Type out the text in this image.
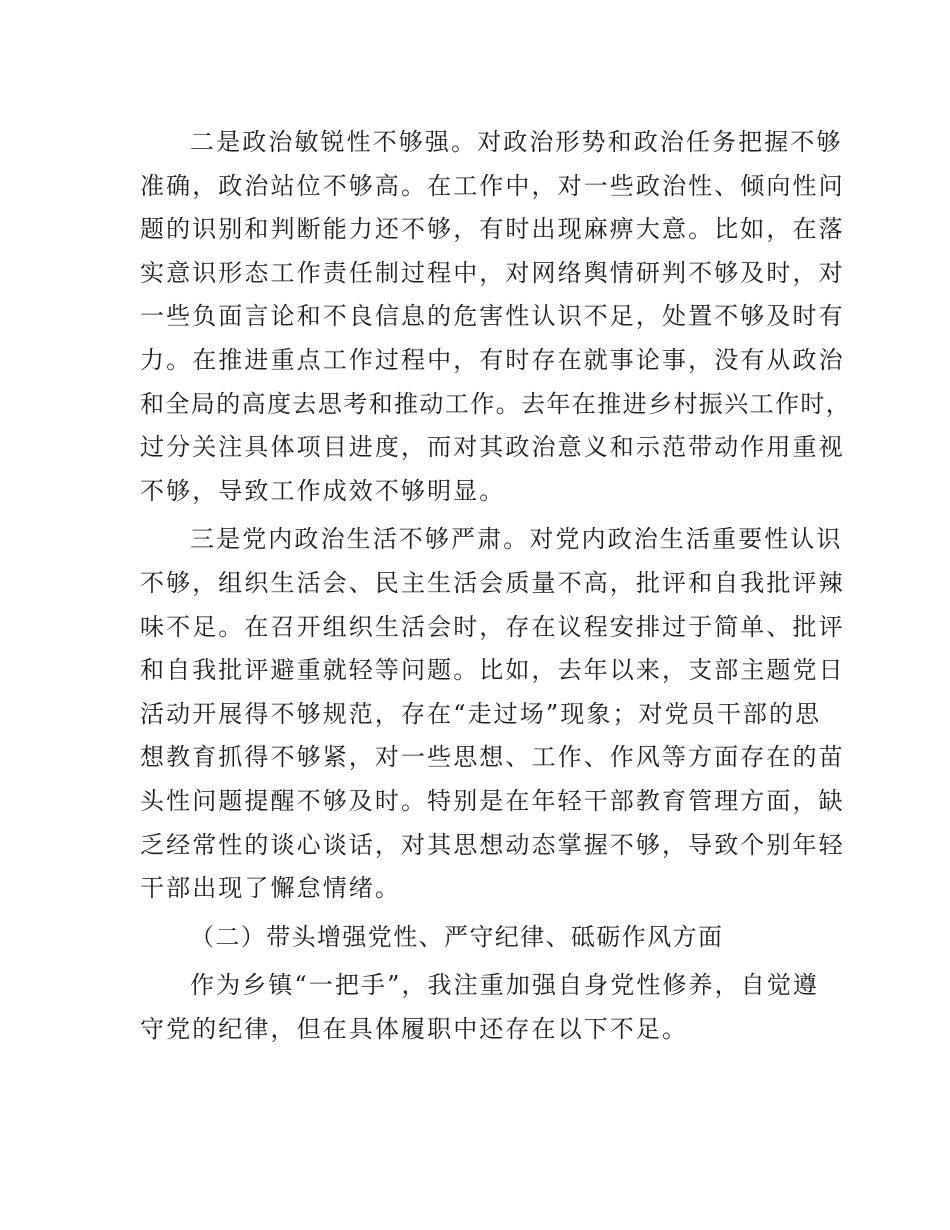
二是政治敏锐性不够强。对政治形势和政治任务把握不够
准确，政治站位不够高。在工作中，对一些政治性、倾向性问
题的识别和判断能力还不够，有时出现麻痹大意。比如，在落
实意识形态工作责任制过程中，对网络舆情研判不够及时，对
一些负面言论和不良信息的危害性认识不足，处置不够及时有
力。在推进重点工作过程中，有时存在就事论事，没有从政治
和全局的高度去思考和推动工作。去年在推进乡村振兴工作时，
过分关注具体项目进度，而对其政治意义和示范带动作用重视
不够，导致工作成效不够明显。
三是党内政治生活不够严肃。对党内政治生活重要性认识
不够，组织生活会、民主生活会质量不高，批评和自我批评辣
味不足。在召开组织生活会时，存在议程安排过于简单、批评
和自我批评避重就轻等问题。比如，去年以来，支部主题党日
活动开展得不够规范，存在“走过场”现象；对党员干部的思
想教育抓得不够紧，对一些思想、工作、作风等方面存在的苗
头性问题提醒不够及时。特别是在年轻干部教育管理方面，缺
乏经常性的谈心谈话，对其思想动态掌握不够，导致个别年轻
干部出现了懈怠情绪。
（二）带头增强党性、严守纪律、砥砺作风方面
作为乡镇“一把手”，我注重加强自身党性修养，自觉遵
守党的纪律，但在具体履职中还存在以下不足。
